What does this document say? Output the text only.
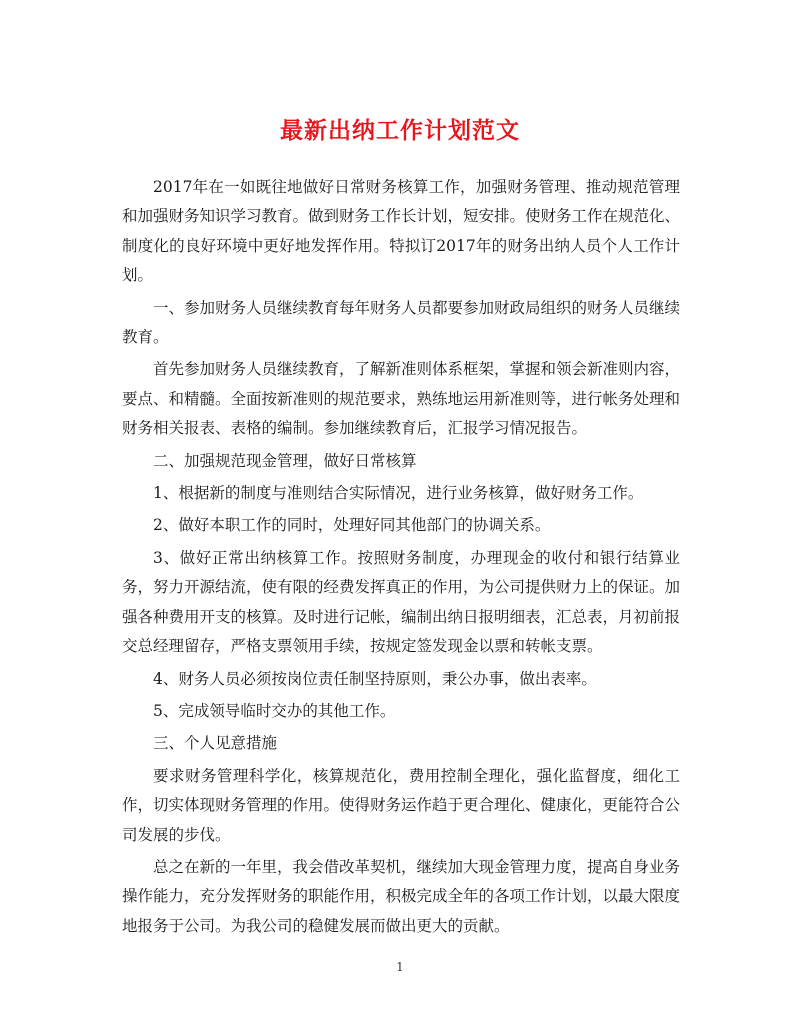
最新出纳工作计划范文

2017年在一如既往地做好日常财务核算工作，加强财务管理、推动规范管理和加强财务知识学习教育。做到财务工作长计划，短安排。使财务工作在规范化、制度化的良好环境中更好地发挥作用。特拟订2017年的财务出纳人员个人工作计划。

一、参加财务人员继续教育每年财务人员都要参加财政局组织的财务人员继续教育。

首先参加财务人员继续教育，了解新准则体系框架，掌握和领会新准则内容，要点、和精髓。全面按新准则的规范要求，熟练地运用新准则等，进行帐务处理和财务相关报表、表格的编制。参加继续教育后，汇报学习情况报告。

二、加强规范现金管理，做好日常核算

1、根据新的制度与准则结合实际情况，进行业务核算，做好财务工作。

2、做好本职工作的同时，处理好同其他部门的协调关系。

3、做好正常出纳核算工作。按照财务制度，办理现金的收付和银行结算业务，努力开源结流，使有限的经费发挥真正的作用，为公司提供财力上的保证。加强各种费用开支的核算。及时进行记帐，编制出纳日报明细表，汇总表，月初前报交总经理留存，严格支票领用手续，按规定签发现金以票和转帐支票。

4、财务人员必须按岗位责任制坚持原则，秉公办事，做出表率。

5、完成领导临时交办的其他工作。

三、个人见意措施

要求财务管理科学化，核算规范化，费用控制全理化，强化监督度，细化工作，切实体现财务管理的作用。使得财务运作趋于更合理化、健康化，更能符合公司发展的步伐。

总之在新的一年里，我会借改革契机，继续加大现金管理力度，提高自身业务操作能力，充分发挥财务的职能作用，积极完成全年的各项工作计划，以最大限度地报务于公司。为我公司的稳健发展而做出更大的贡献。

1
